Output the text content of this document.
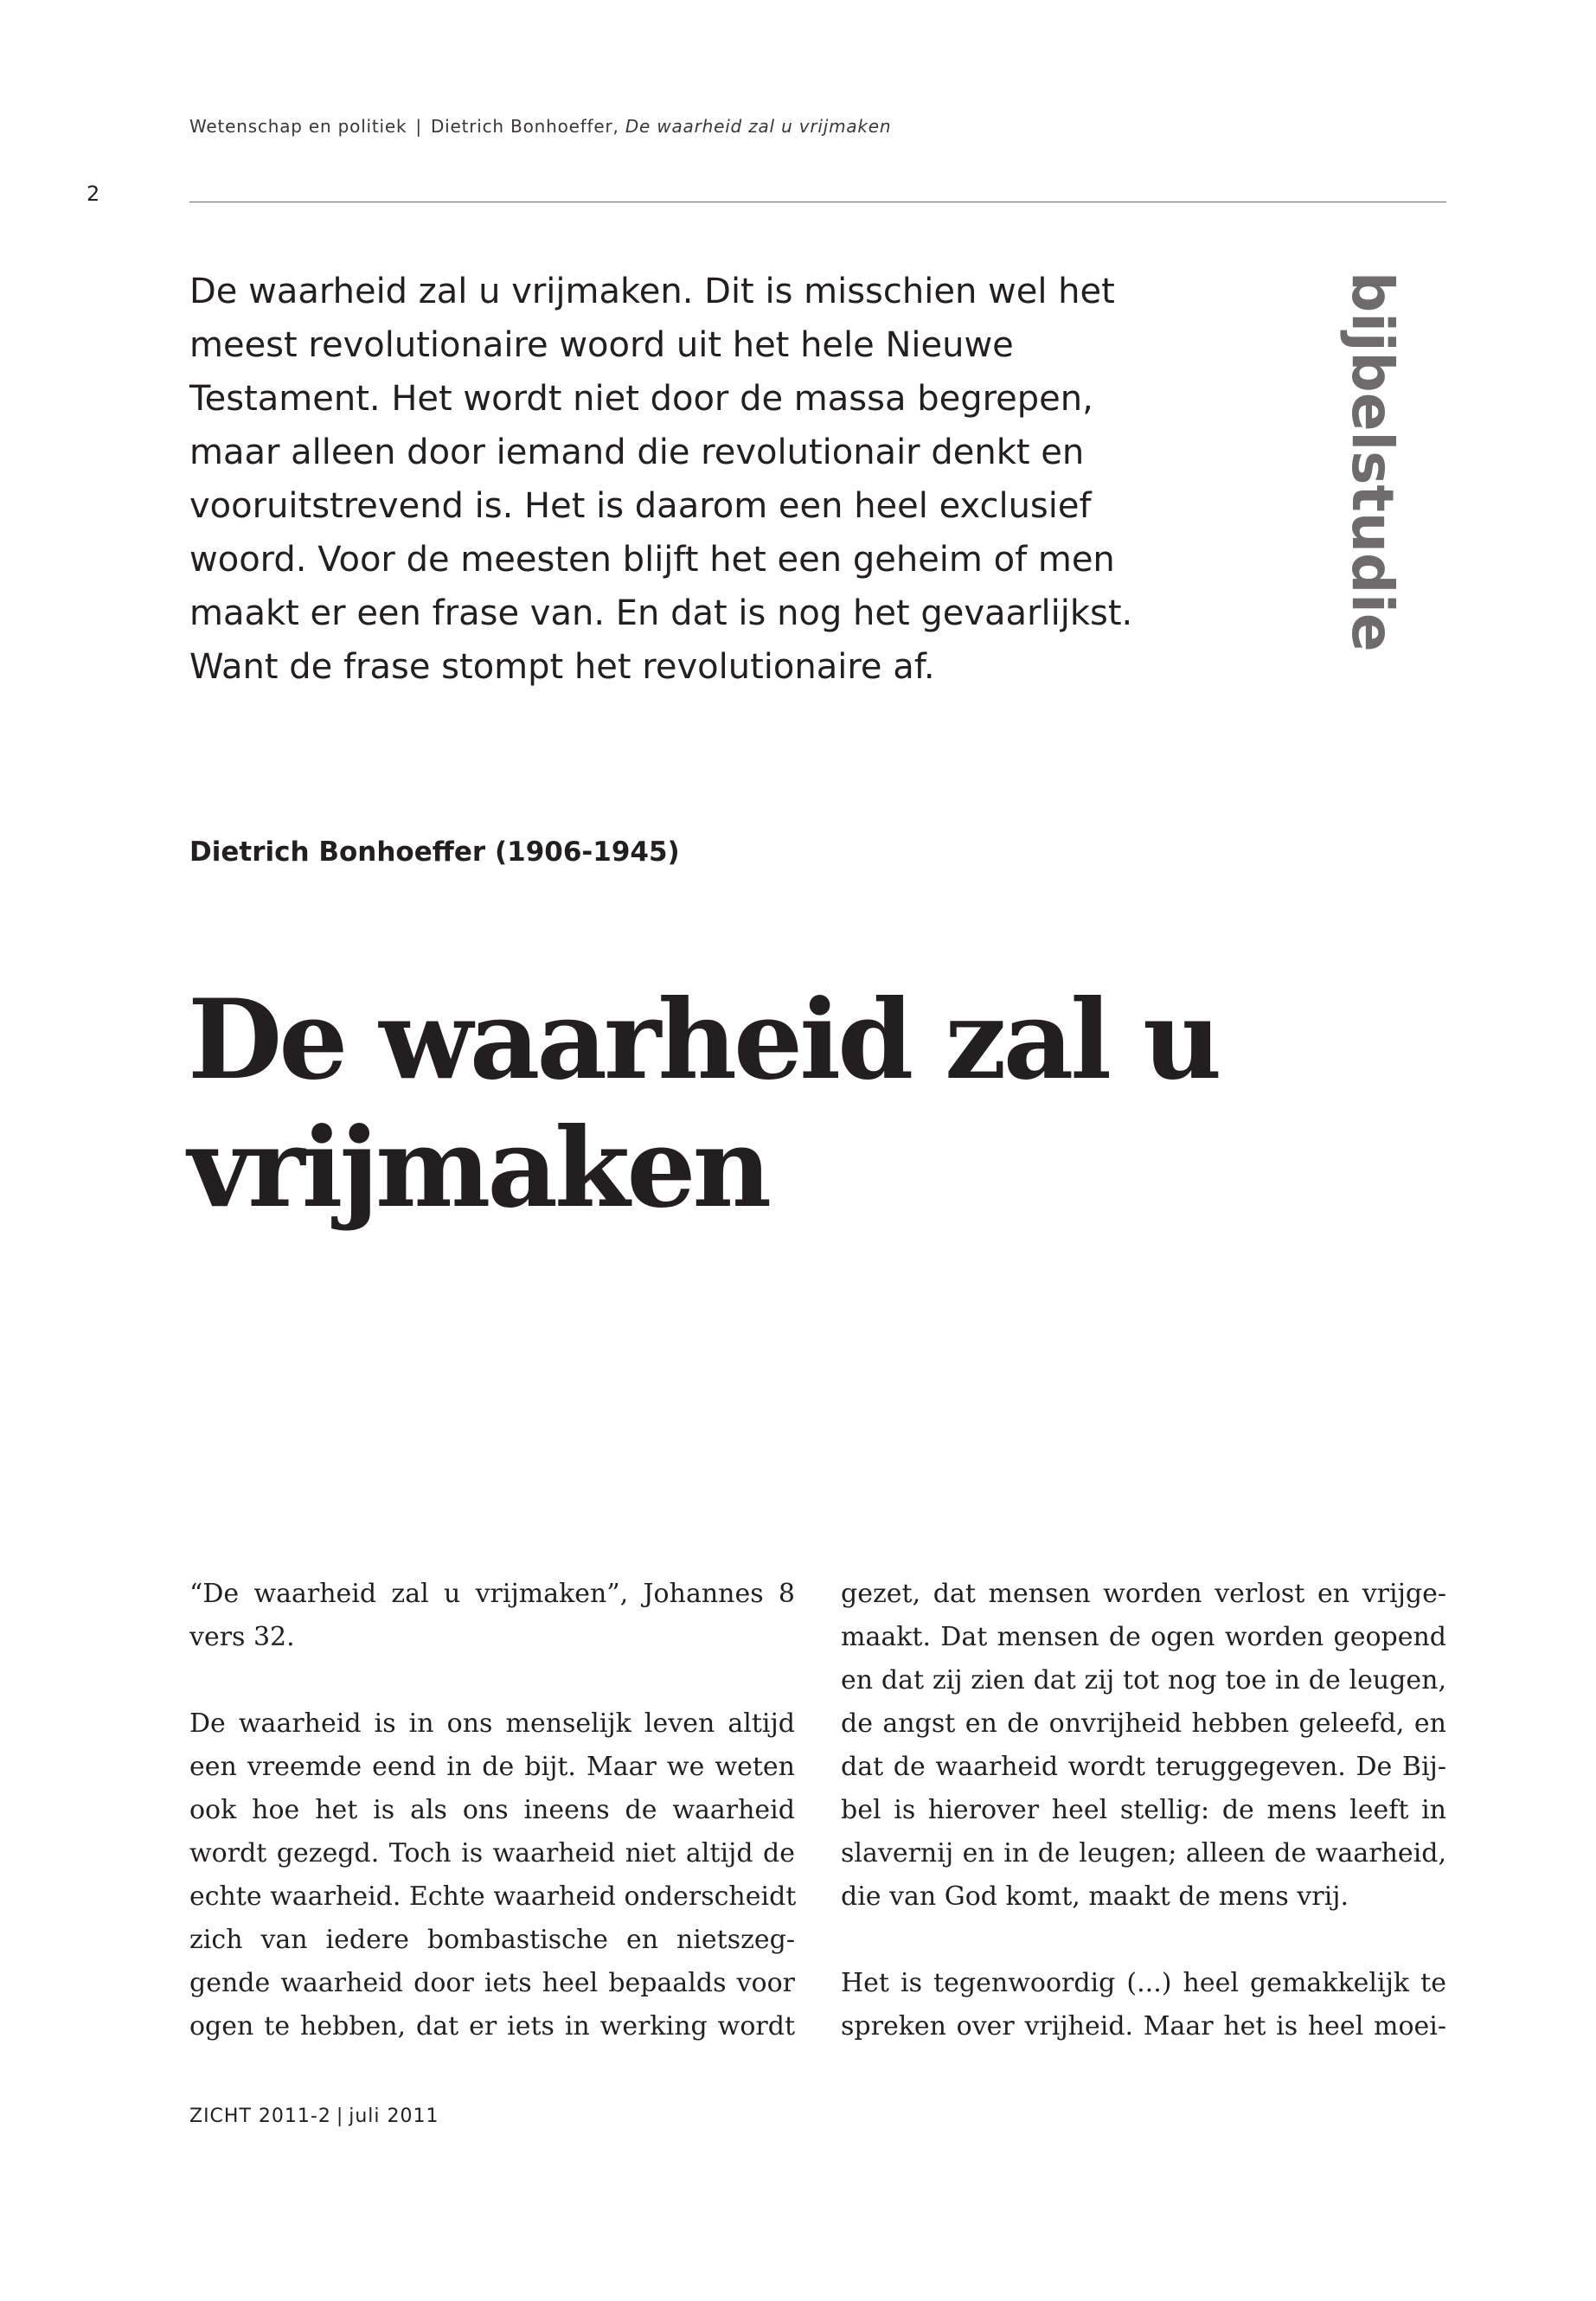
Wetenschap en politiek | Dietrich Bonhoeffer, De waarheid zal u vrijmaken
2
De waarheid zal u vrijmaken. Dit is misschien wel het
meest revolutionaire woord uit het hele Nieuwe
Testament. Het wordt niet door de massa begrepen,
maar alleen door iemand die revolutionair denkt en
vooruitstrevend is. Het is daarom een heel exclusief
woord. Voor de meesten blijft het een geheim of men
maakt er een frase van. En dat is nog het gevaarlijkst.
Want de frase stompt het revolutionaire af.
bijbelstudie
Dietrich Bonhoeffer (1906-1945)
De waarheid zal u
vrijmaken

“De waarheid zal u vrijmaken”, Johannes 8
vers 32.

De waarheid is in ons menselijk leven altijd
een vreemde eend in de bijt. Maar we weten
ook hoe het is als ons ineens de waarheid
wordt gezegd. Toch is waarheid niet altijd de
echte waarheid. Echte waarheid onderscheidt
zich van iedere bombastische en nietszeg-
gende waarheid door iets heel bepaalds voor
ogen te hebben, dat er iets in werking wordt

gezet, dat mensen worden verlost en vrijge-
maakt. Dat mensen de ogen worden geopend
en dat zij zien dat zij tot nog toe in de leugen,
de angst en de onvrijheid hebben geleefd, en
dat de waarheid wordt teruggegeven. De Bij-
bel is hierover heel stellig: de mens leeft in
slavernij en in de leugen; alleen de waarheid,
die van God komt, maakt de mens vrij.

Het is tegenwoordig (...) heel gemakkelijk te
spreken over vrijheid. Maar het is heel moei-

ZICHT 2011-2 | juli 2011
